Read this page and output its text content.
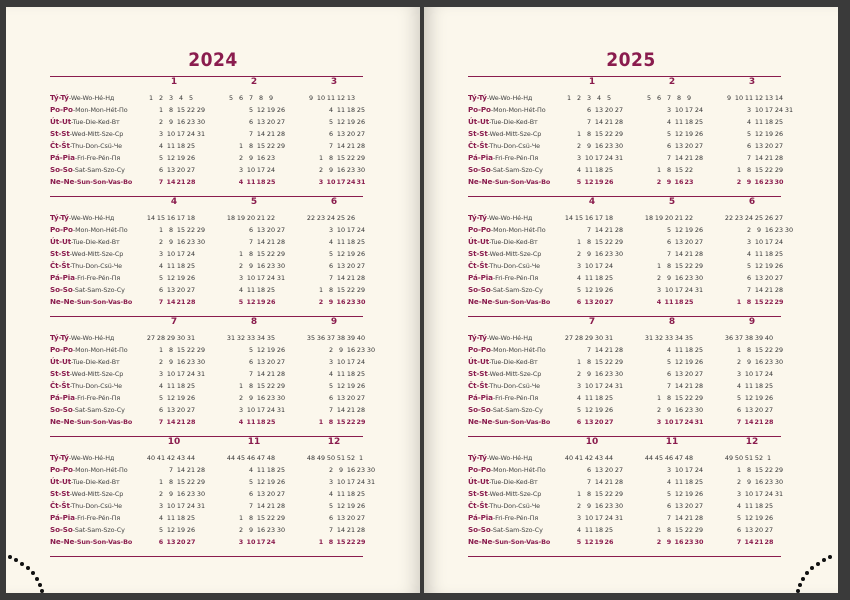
2024
Tý-Tý-We-Wo-Hé-Нд
Po-Po-Mon-Mon-Hét-По
Út-Ut-Tue-Die-Ked-Вт
St-St-Wed-Mitt-Sze-Ср
Čt-Št-Thu-Don-Csü-Че
Pá-Pia-Fri-Fre-Pén-Пя
So-So-Sat-Sam-Szo-Су
Ne-Ne-Sun-Son-Vas-Во
1
1 2 3 4 5
1 8 15 22 29
2 9 16 23 30
3 10 17 24 31
4 11 18 25
5 12 19 26
6 13 20 27
7 14 21 28
2
5 6 7 8 9
5 12 19 26
6 13 20 27
7 14 21 28
1 8 15 22 29
2 9 16 23
3 10 17 24
4 11 18 25
3
9 10 11 12 13
4 11 18 25
5 12 19 26
6 13 20 27
7 14 21 28
1 8 15 22 29
2 9 16 23 30
3 10 17 24 31
Tý-Tý-We-Wo-Hé-Нд
Po-Po-Mon-Mon-Hét-По
Út-Ut-Tue-Die-Ked-Вт
St-St-Wed-Mitt-Sze-Ср
Čt-Št-Thu-Don-Csü-Че
Pá-Pia-Fri-Fre-Pén-Пя
So-So-Sat-Sam-Szo-Су
Ne-Ne-Sun-Son-Vas-Во
4
14 15 16 17 18
1 8 15 22 29
2 9 16 23 30
3 10 17 24
4 11 18 25
5 12 19 26
6 13 20 27
7 14 21 28
5
18 19 20 21 22
6 13 20 27
7 14 21 28
1 8 15 22 29
2 9 16 23 30
3 10 17 24 31
4 11 18 25
5 12 19 26
6
22 23 24 25 26
3 10 17 24
4 11 18 25
5 12 19 26
6 13 20 27
7 14 21 28
1 8 15 22 29
2 9 16 23 30
Tý-Tý-We-Wo-Hé-Нд
Po-Po-Mon-Mon-Hét-По
Út-Ut-Tue-Die-Ked-Вт
St-St-Wed-Mitt-Sze-Ср
Čt-Št-Thu-Don-Csü-Че
Pá-Pia-Fri-Fre-Pén-Пя
So-So-Sat-Sam-Szo-Су
Ne-Ne-Sun-Son-Vas-Во
7
27 28 29 30 31
1 8 15 22 29
2 9 16 23 30
3 10 17 24 31
4 11 18 25
5 12 19 26
6 13 20 27
7 14 21 28
8
31 32 33 34 35
5 12 19 26
6 13 20 27
7 14 21 28
1 8 15 22 29
2 9 16 23 30
3 10 17 24 31
4 11 18 25
9
35 36 37 38 39 40
2 9 16 23 30
3 10 17 24
4 11 18 25
5 12 19 26
6 13 20 27
7 14 21 28
1 8 15 22 29
Tý-Tý-We-Wo-Hé-Нд
Po-Po-Mon-Mon-Hét-По
Út-Ut-Tue-Die-Ked-Вт
St-St-Wed-Mitt-Sze-Ср
Čt-Št-Thu-Don-Csü-Че
Pá-Pia-Fri-Fre-Pén-Пя
So-So-Sat-Sam-Szo-Су
Ne-Ne-Sun-Son-Vas-Во
10
40 41 42 43 44
7 14 21 28
1 8 15 22 29
2 9 16 23 30
3 10 17 24 31
4 11 18 25
5 12 19 26
6 13 20 27
11
44 45 46 47 48
4 11 18 25
5 12 19 26
6 13 20 27
7 14 21 28
1 8 15 22 29
2 9 16 23 30
3 10 17 24
12
48 49 50 51 52 1
2 9 16 23 30
3 10 17 24 31
4 11 18 25
5 12 19 26
6 13 20 27
7 14 21 28
1 8 15 22 29
2025
Tý-Tý-We-Wo-Hé-Нд
Po-Po-Mon-Mon-Hét-По
Út-Ut-Tue-Die-Ked-Вт
St-St-Wed-Mitt-Sze-Ср
Čt-Št-Thu-Don-Csü-Че
Pá-Pia-Fri-Fre-Pén-Пя
So-So-Sat-Sam-Szo-Су
Ne-Ne-Sun-Son-Vas-Во
1
1 2 3 4 5
6 13 20 27
7 14 21 28
1 8 15 22 29
2 9 16 23 30
3 10 17 24 31
4 11 18 25
5 12 19 26
2
5 6 7 8 9
3 10 17 24
4 11 18 25
5 12 19 26
6 13 20 27
7 14 21 28
1 8 15 22
2 9 16 23
3
9 10 11 12 13 14
3 10 17 24 31
4 11 18 25
5 12 19 26
6 13 20 27
7 14 21 28
1 8 15 22 29
2 9 16 23 30
Tý-Tý-We-Wo-Hé-Нд
Po-Po-Mon-Mon-Hét-По
Út-Ut-Tue-Die-Ked-Вт
St-St-Wed-Mitt-Sze-Ср
Čt-Št-Thu-Don-Csü-Че
Pá-Pia-Fri-Fre-Pén-Пя
So-So-Sat-Sam-Szo-Су
Ne-Ne-Sun-Son-Vas-Во
4
14 15 16 17 18
7 14 21 28
1 8 15 22 29
2 9 16 23 30
3 10 17 24
4 11 18 25
5 12 19 26
6 13 20 27
5
18 19 20 21 22
5 12 19 26
6 13 20 27
7 14 21 28
1 8 15 22 29
2 9 16 23 30
3 10 17 24 31
4 11 18 25
6
22 23 24 25 26 27
2 9 16 23 30
3 10 17 24
4 11 18 25
5 12 19 26
6 13 20 27
7 14 21 28
1 8 15 22 29
Tý-Tý-We-Wo-Hé-Нд
Po-Po-Mon-Mon-Hét-По
Út-Ut-Tue-Die-Ked-Вт
St-St-Wed-Mitt-Sze-Ср
Čt-Št-Thu-Don-Csü-Че
Pá-Pia-Fri-Fre-Pén-Пя
So-So-Sat-Sam-Szo-Су
Ne-Ne-Sun-Son-Vas-Во
7
27 28 29 30 31
7 14 21 28
1 8 15 22 29
2 9 16 23 30
3 10 17 24 31
4 11 18 25
5 12 19 26
6 13 20 27
8
31 32 33 34 35
4 11 18 25
5 12 19 26
6 13 20 27
7 14 21 28
1 8 15 22 29
2 9 16 23 30
3 10 17 24 31
9
36 37 38 39 40
1 8 15 22 29
2 9 16 23 30
3 10 17 24
4 11 18 25
5 12 19 26
6 13 20 27
7 14 21 28
Tý-Tý-We-Wo-Hé-Нд
Po-Po-Mon-Mon-Hét-По
Út-Ut-Tue-Die-Ked-Вт
St-St-Wed-Mitt-Sze-Ср
Čt-Št-Thu-Don-Csü-Че
Pá-Pia-Fri-Fre-Pén-Пя
So-So-Sat-Sam-Szo-Су
Ne-Ne-Sun-Son-Vas-Во
10
40 41 42 43 44
6 13 20 27
7 14 21 28
1 8 15 22 29
2 9 16 23 30
3 10 17 24 31
4 11 18 25
5 12 19 26
11
44 45 46 47 48
3 10 17 24
4 11 18 25
5 12 19 26
6 13 20 27
7 14 21 28
1 8 15 22 29
2 9 16 23 30
12
49 50 51 52 1
1 8 15 22 29
2 9 16 23 30
3 10 17 24 31
4 11 18 25
5 12 19 26
6 13 20 27
7 14 21 28
